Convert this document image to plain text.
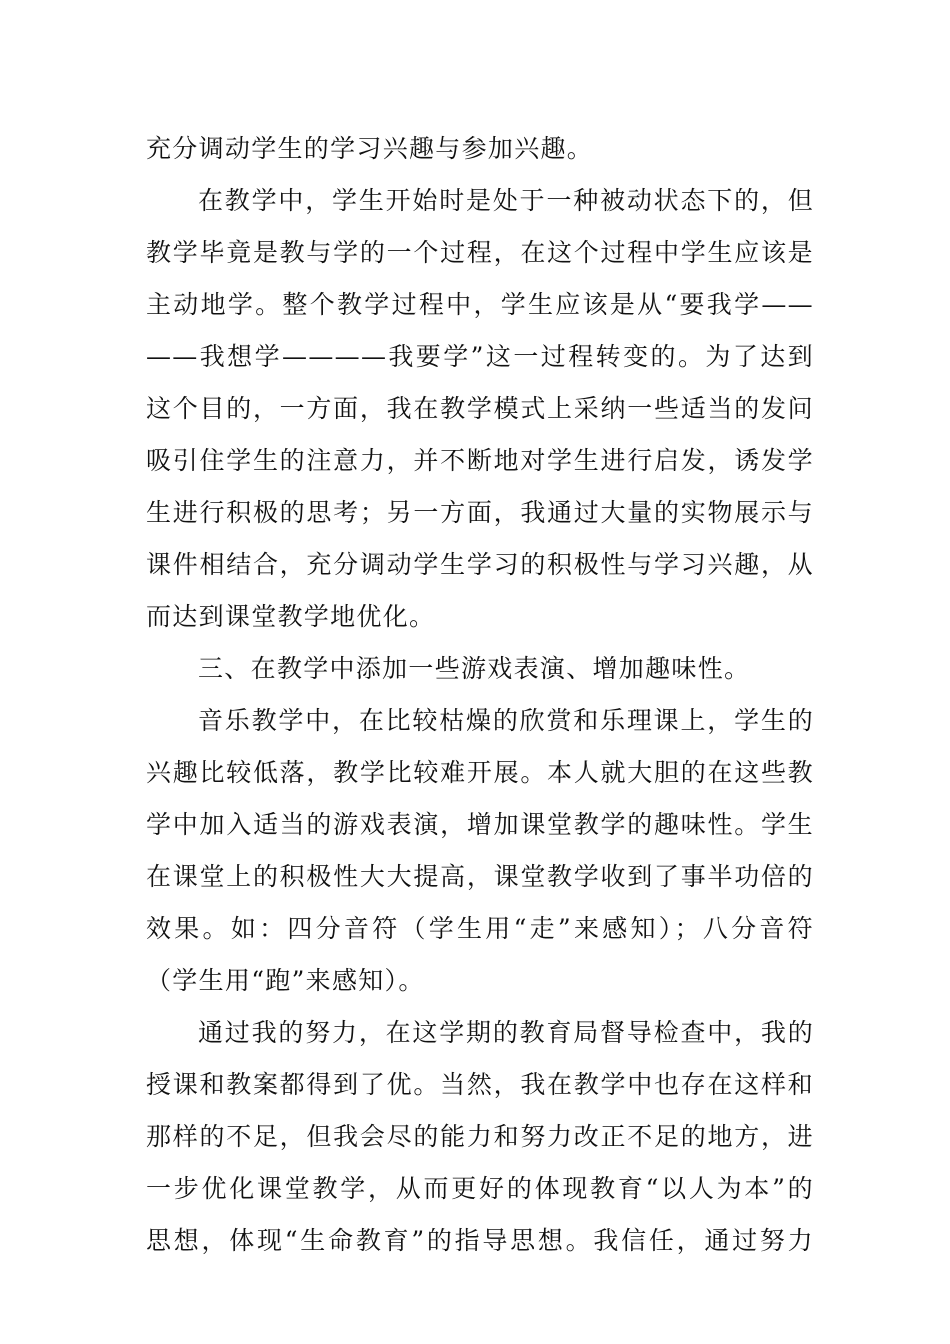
充分调动学生的学习兴趣与参加兴趣。
在教学中，学生开始时是处于一种被动状态下的，但
教学毕竟是教与学的一个过程，在这个过程中学生应该是
主动地学。整个教学过程中，学生应该是从“要我学——
——我想学————我要学”这一过程转变的。为了达到
这个目的，一方面，我在教学模式上采纳一些适当的发问
吸引住学生的注意力，并不断地对学生进行启发，诱发学
生进行积极的思考；另一方面，我通过大量的实物展示与
课件相结合，充分调动学生学习的积极性与学习兴趣，从
而达到课堂教学地优化。
三、在教学中添加一些游戏表演、增加趣味性。
音乐教学中，在比较枯燥的欣赏和乐理课上，学生的
兴趣比较低落，教学比较难开展。本人就大胆的在这些教
学中加入适当的游戏表演，增加课堂教学的趣味性。学生
在课堂上的积极性大大提高，课堂教学收到了事半功倍的
效果。如：四分音符（学生用“走”来感知）；八分音符
（学生用“跑”来感知）。
通过我的努力，在这学期的教育局督导检查中，我的
授课和教案都得到了优。当然，我在教学中也存在这样和
那样的不足，但我会尽的能力和努力改正不足的地方，进
一步优化课堂教学，从而更好的体现教育“以人为本”的
思想，体现“生命教育”的指导思想。我信任，通过努力
